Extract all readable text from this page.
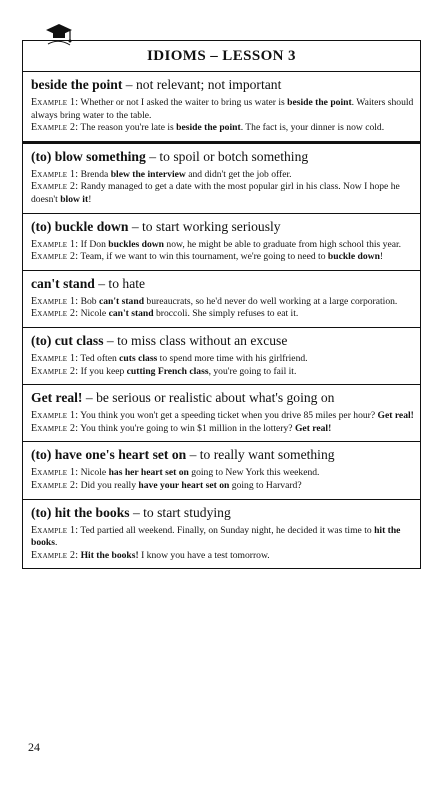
IDIOMS – LESSON 3

beside the point – not relevant; not important

Example 1: Whether or not I asked the waiter to bring us water is beside the point. Waiters should always bring water to the table.

Example 2: The reason you're late is beside the point. The fact is, your dinner is now cold.

(to) blow something – to spoil or botch something

Example 1: Brenda blew the interview and didn't get the job offer.

Example 2: Randy managed to get a date with the most popular girl in his class. Now I hope he doesn't blow it!

(to) buckle down – to start working seriously

Example 1: If Don buckles down now, he might be able to graduate from high school this year.

Example 2: Team, if we want to win this tournament, we're going to need to buckle down!

can't stand – to hate

Example 1: Bob can't stand bureaucrats, so he'd never do well working at a large corporation.

Example 2: Nicole can't stand broccoli. She simply refuses to eat it.

(to) cut class – to miss class without an excuse

Example 1: Ted often cuts class to spend more time with his girlfriend.

Example 2: If you keep cutting French class, you're going to fail it.

Get real! – be serious or realistic about what's going on

Example 1: You think you won't get a speeding ticket when you drive 85 miles per hour? Get real!

Example 2: You think you're going to win $1 million in the lottery? Get real!

(to) have one's heart set on – to really want something

Example 1: Nicole has her heart set on going to New York this weekend.

Example 2: Did you really have your heart set on going to Harvard?

(to) hit the books – to start studying

Example 1: Ted partied all weekend. Finally, on Sunday night, he decided it was time to hit the books.

Example 2: Hit the books! I know you have a test tomorrow.

24
